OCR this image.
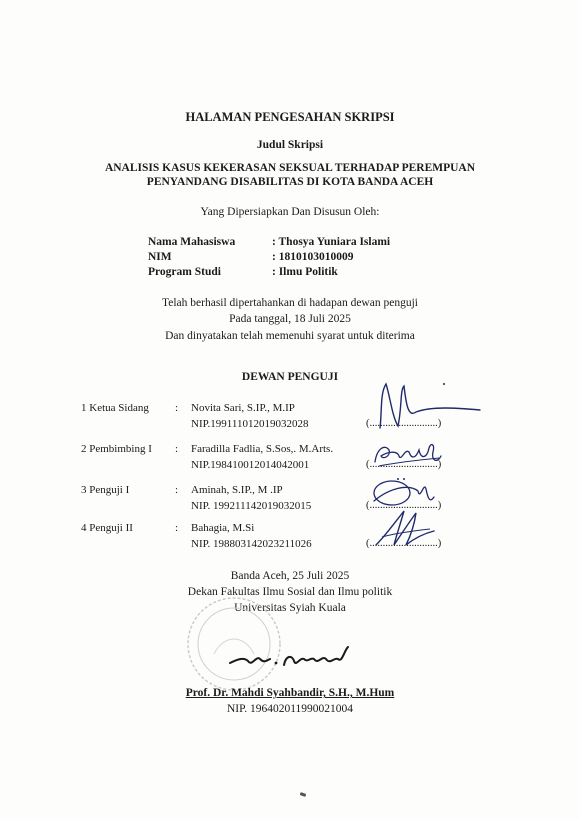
HALAMAN PENGESAHAN SKRIPSI
Judul Skripsi
ANALISIS KASUS KEKERASAN SEKSUAL TERHADAP PEREMPUAN
PENYANDANG DISABILITAS DI KOTA BANDA ACEH
Yang Dipersiapkan Dan Disusun Oleh:
Nama Mahasiswa	: Thosya Yuniara Islami
NIM	: 1810103010009
Program Studi	: Ilmu Politik
Telah berhasil dipertahankan di hadapan dewan penguji
Pada tanggal, 18 Juli 2025
Dan dinyatakan telah memenuhi syarat untuk diterima
DEWAN PENGUJI
1 Ketua Sidang : Novita Sari, S.IP., M.IP
NIP.199111012019032028	(..........................)
2 Pembimbing I : Faradilla Fadlia, S.Sos,. M.Arts.
NIP.198410012014042001	(..........................)
3 Penguji I	: Aminah, S.IP., M .IP
NIP. 199211142019032015	(..........................)
4 Penguji II	: Bahagia, M.Si
NIP. 198803142023211026	(..........................)
Banda Aceh, 25 Juli 2025
Dekan Fakultas Ilmu Sosial dan Ilmu politik
Universitas Syiah Kuala
Prof. Dr. Mahdi Syahbandir, S.H., M.Hum
NIP. 196402011990021004
